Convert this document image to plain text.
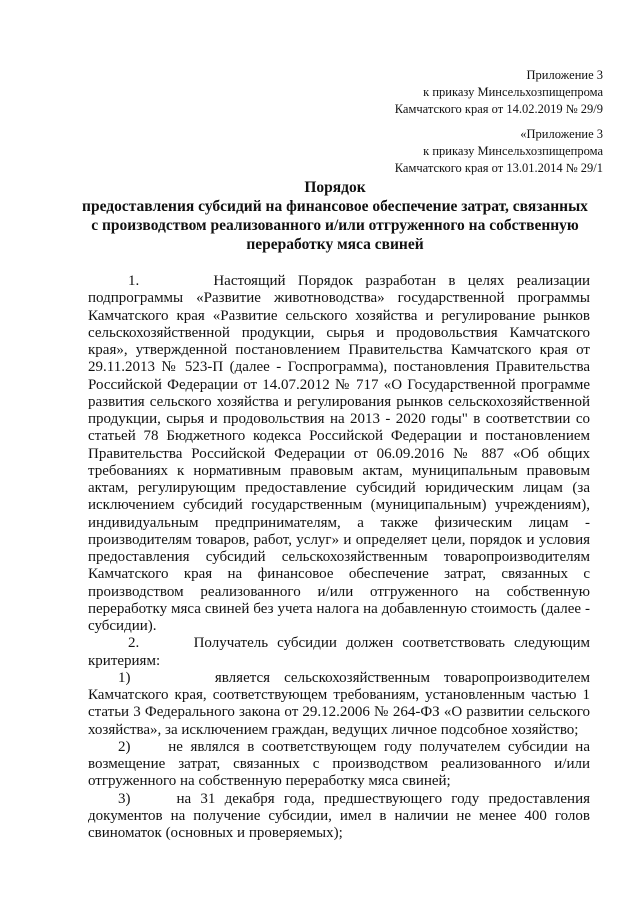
Приложение 3
к приказу Минсельхозпищепрома
Камчатского края от 14.02.2019 № 29/9
«Приложение 3
к приказу Минсельхозпищепрома
Камчатского края от 13.01.2014 № 29/1
Порядок
предоставления субсидий на финансовое обеспечение затрат, связанных с производством реализованного и/или отгруженного на собственную переработку мяса свиней

1.      Настоящий Порядок разработан в целях реализации подпрограммы «Развитие животноводства» государственной программы Камчатского края «Развитие сельского хозяйства и регулирование рынков сельскохозяйственной продукции, сырья и продовольствия Камчатского края», утвержденной постановлением Правительства Камчатского края от 29.11.2013 № 523-П (далее - Госпрограмма), постановления Правительства Российской Федерации от 14.07.2012 № 717 «О Государственной программе развития сельского хозяйства и регулирования рынков сельскохозяйственной продукции, сырья и продовольствия на 2013 - 2020 годы" в соответствии со статьей 78 Бюджетного кодекса Российской Федерации и постановлением Правительства Российской Федерации от 06.09.2016 № 887 «Об общих требованиях к нормативным правовым актам, муниципальным правовым актам, регулирующим предоставление субсидий юридическим лицам (за исключением субсидий государственным (муниципальным) учреждениям), индивидуальным предпринимателям, а также физическим лицам - производителям товаров, работ, услуг» и определяет цели, порядок и условия предоставления субсидий сельскохозяйственным товаропроизводителям Камчатского края на финансовое обеспечение затрат, связанных с производством реализованного и/или отгруженного на собственную переработку мяса свиней без учета налога на добавленную стоимость (далее - субсидии).

2.      Получатель субсидии должен соответствовать следующим критериям:

1)      является сельскохозяйственным товаропроизводителем Камчатского края, соответствующем требованиям, установленным частью 1 статьи 3 Федерального закона от 29.12.2006 № 264-ФЗ «О развитии сельского хозяйства», за исключением граждан, ведущих личное подсобное хозяйство;

2)     не являлся в соответствующем году получателем субсидии на возмещение затрат, связанных с производством реализованного и/или отгруженного на собственную переработку мяса свиней;

3)     на 31 декабря года, предшествующего году предоставления документов на получение субсидии, имел в наличии не менее 400 голов свиноматок (основных и проверяемых);
